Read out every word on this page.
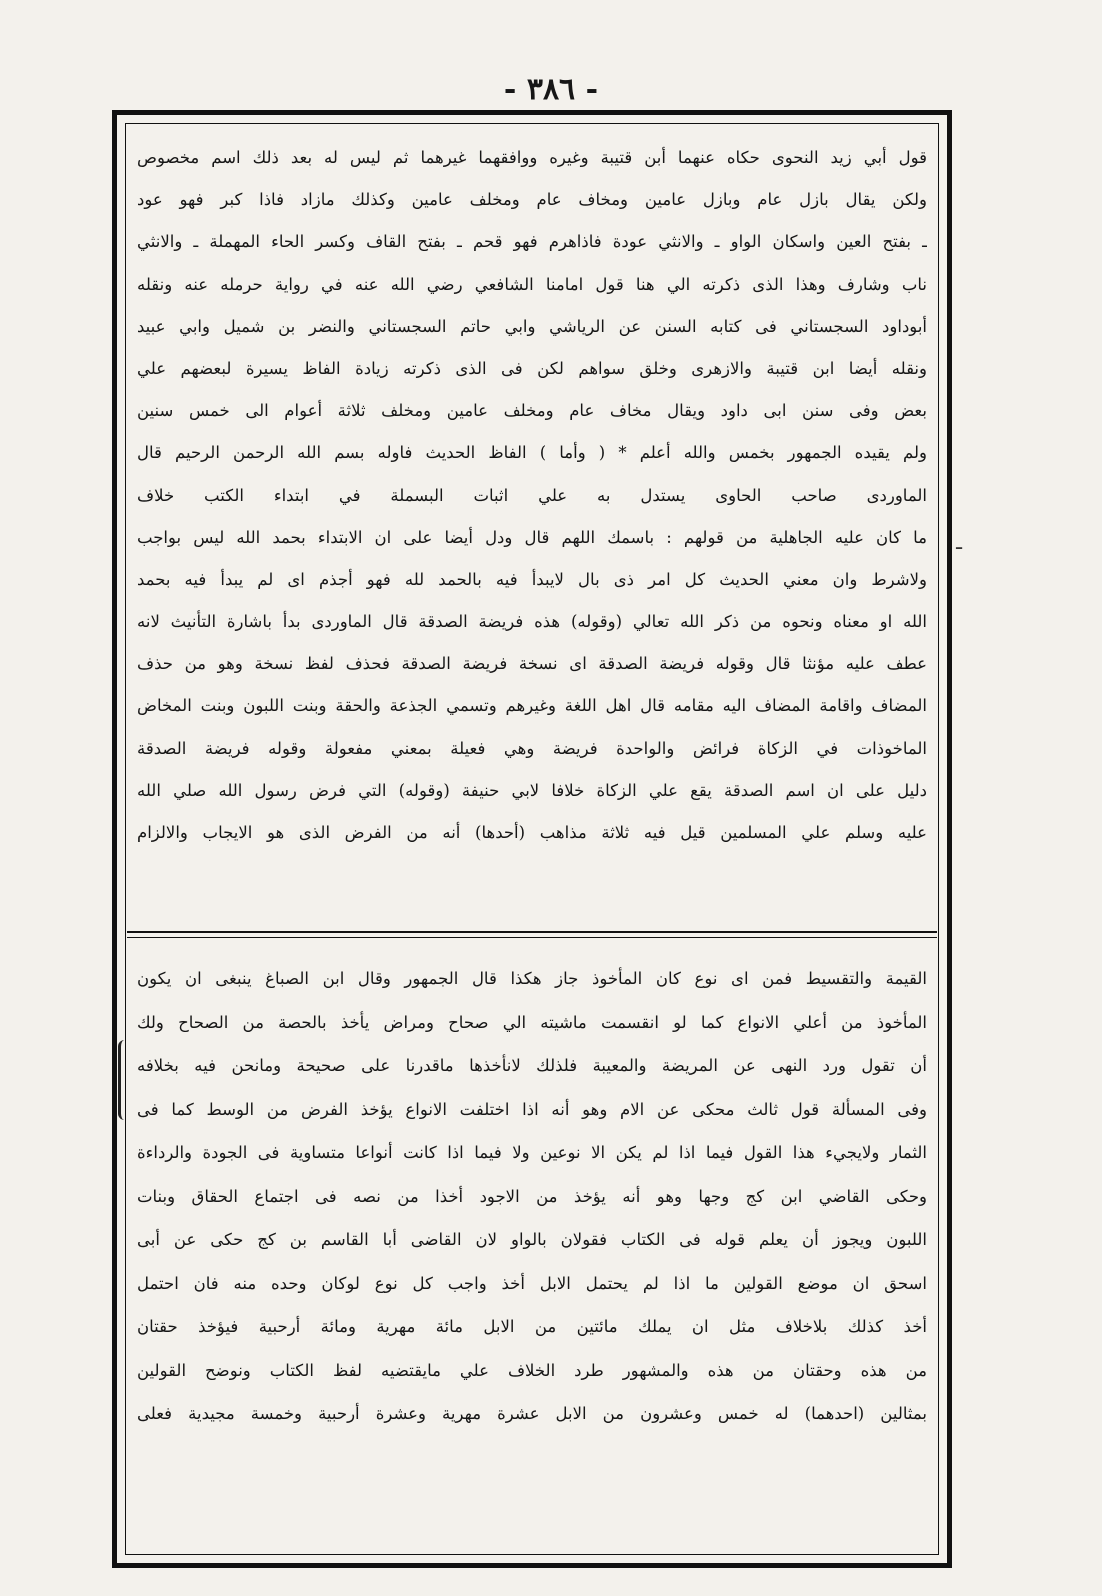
- ٣٨٦ -
قول أبي زيد النحوى حكاه عنهما أبن قتيبة وغيره ووافقهما غيرهما ثم ليس له بعد ذلك اسم مخصوص
ولكن يقال بازل عام وبازل عامين ومخاف عام ومخلف عامين وكذلك مازاد فاذا كبر فهو عود
ـ بفتح العين واسكان الواو ـ والانثي عودة فاذاهرم فهو قحم ـ بفتح القاف وكسر الحاء المهملة ـ والانثي
ناب وشارف وهذا الذى ذكرته الي هنا قول امامنا الشافعي رضي الله عنه في رواية حرمله عنه ونقله
أبوداود السجستاني فى كتابه السنن عن الرياشي وابي حاتم السجستاني والنضر بن شميل وابي عبيد
ونقله أيضا ابن قتيبة والازهرى وخلق سواهم لكن فى الذى ذكرته زيادة الفاظ يسيرة لبعضهم علي
بعض وفى سنن ابى داود ويقال مخاف عام ومخلف عامين ومخلف ثلاثة أعوام الى خمس سنين
ولم يقيده الجمهور بخمس والله أعلم * ( وأما ) الفاظ الحديث فاوله بسم الله الرحمن الرحيم قال
الماوردى صاحب الحاوى يستدل به علي اثبات البسملة في ابتداء الكتب خلاف
ما كان عليه الجاهلية من قولهم : باسمك اللهم قال ودل أيضا على ان الابتداء بحمد الله ليس بواجب
ولاشرط وان معني الحديث كل امر ذى بال لايبدأ فيه بالحمد لله فهو أجذم اى لم يبدأ فيه بحمد
الله او معناه ونحوه من ذكر الله تعالي (وقوله) هذه فريضة الصدقة قال الماوردى بدأ باشارة التأنيث لانه
عطف عليه مؤنثا قال وقوله فريضة الصدقة اى نسخة فريضة الصدقة فحذف لفظ نسخة وهو من حذف
المضاف واقامة المضاف اليه مقامه قال اهل اللغة وغيرهم وتسمي الجذعة والحقة وبنت اللبون وبنت المخاض
الماخوذات في الزكاة فرائض والواحدة فريضة وهي فعيلة بمعني مفعولة وقوله فريضة الصدقة
دليل على ان اسم الصدقة يقع علي الزكاة خلافا لابي حنيفة (وقوله) التي فرض رسول الله صلي الله
عليه وسلم علي المسلمين قيل فيه ثلاثة مذاهب (أحدها) أنه من الفرض الذى هو الايجاب والالزام
القيمة والتقسيط فمن اى نوع كان المأخوذ جاز هكذا قال الجمهور وقال ابن الصباغ ينبغى ان يكون
المأخوذ من أعلي الانواع كما لو انقسمت ماشيته الي صحاح ومراض يأخذ بالحصة من الصحاح ولك
أن تقول ورد النهى عن المريضة والمعيبة فلذلك لانأخذها ماقدرنا على صحيحة ومانحن فيه بخلافه
وفى المسألة قول ثالث محكى عن الام وهو أنه اذا اختلفت الانواع يؤخذ الفرض من الوسط كما فى
الثمار ولايجيء هذا القول فيما اذا لم يكن الا نوعين ولا فيما اذا كانت أنواعا متساوية فى الجودة والرداءة
وحكى القاضي ابن كج وجها وهو أنه يؤخذ من الاجود أخذا من نصه فى اجتماع الحقاق وبنات
اللبون ويجوز أن يعلم قوله فى الكتاب فقولان بالواو لان القاضى أبا القاسم بن كج حكى عن أبى
اسحق ان موضع القولين ما اذا لم يحتمل الابل أخذ واجب كل نوع لوكان وحده منه فان احتمل
أخذ كذلك بلاخلاف مثل ان يملك مائتين من الابل مائة مهرية ومائة أرحبية فيؤخذ حقتان
من هذه وحقتان من هذه والمشهور طرد الخلاف علي مايقتضيه لفظ الكتاب ونوضح القولين
بمثالين (احدهما) له خمس وعشرون من الابل عشرة مهرية وعشرة أرحبية وخمسة مجيدية فعلى
ـ
